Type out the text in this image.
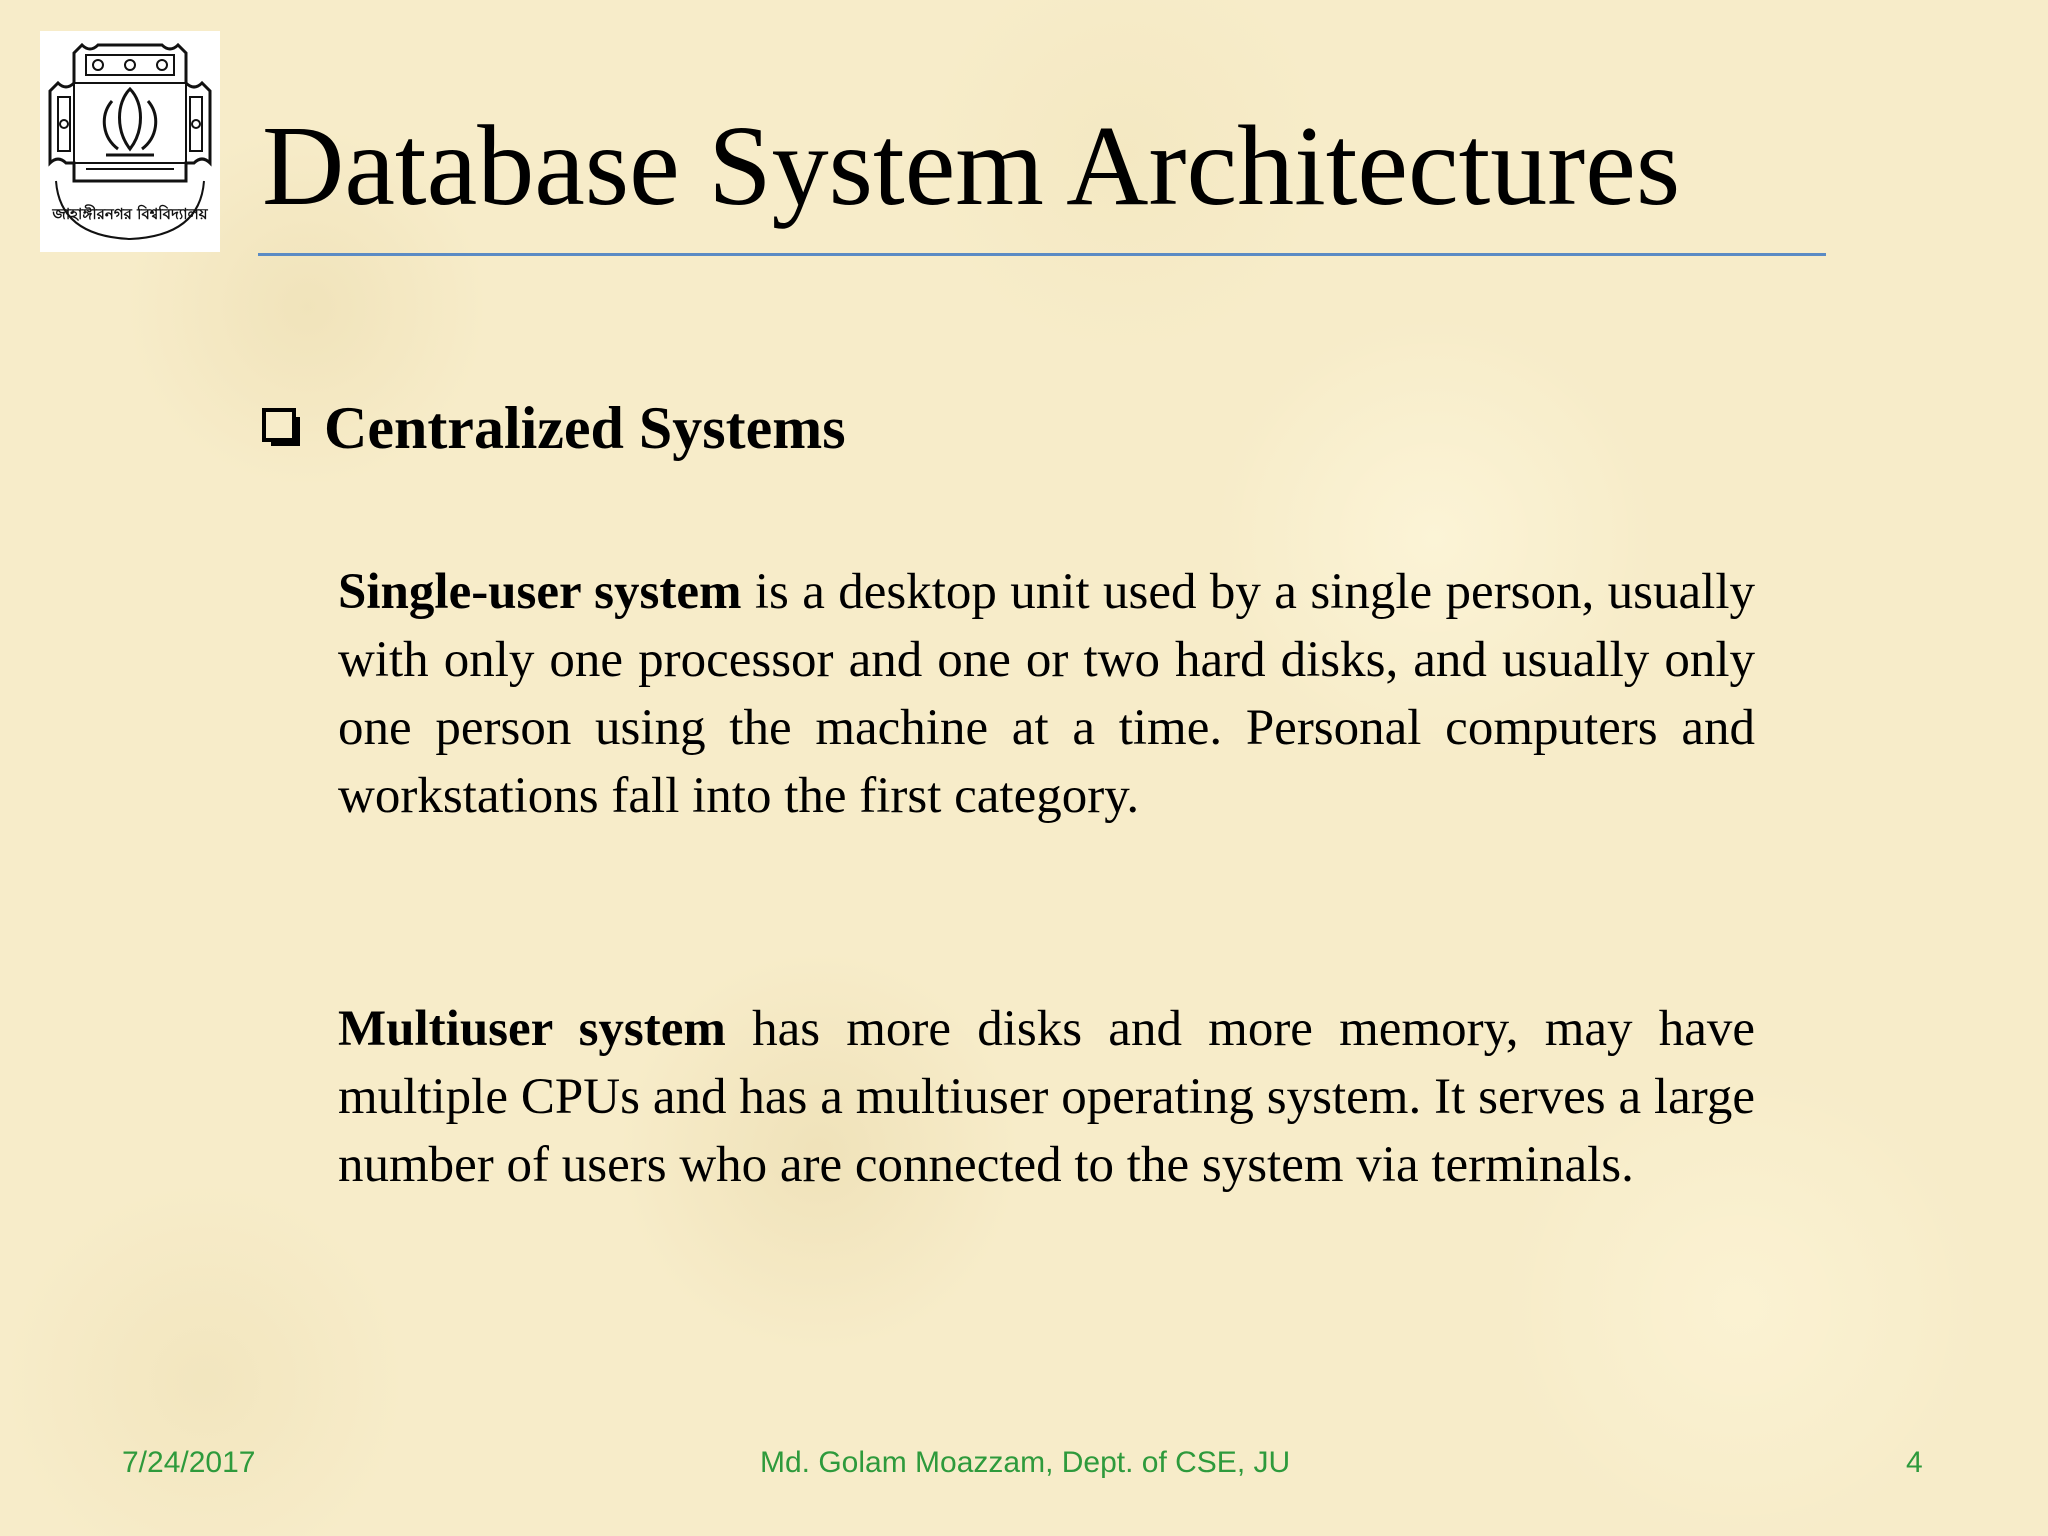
জাহাঙ্গীরনগর বিশ্ববিদ্যালয় Database System Architectures
Centralized Systems

Single-user system is a desktop unit used by a single person, usually with only one processor and one or two hard disks, and usually only one person using the machine at a time. Personal computers and workstations fall into the first category.

Multiuser system has more disks and more memory, may have multiple CPUs and has a multiuser operating system. It serves a large number of users who are connected to the system via terminals.

7/24/2017	Md. Golam Moazzam, Dept. of CSE, JU	4
